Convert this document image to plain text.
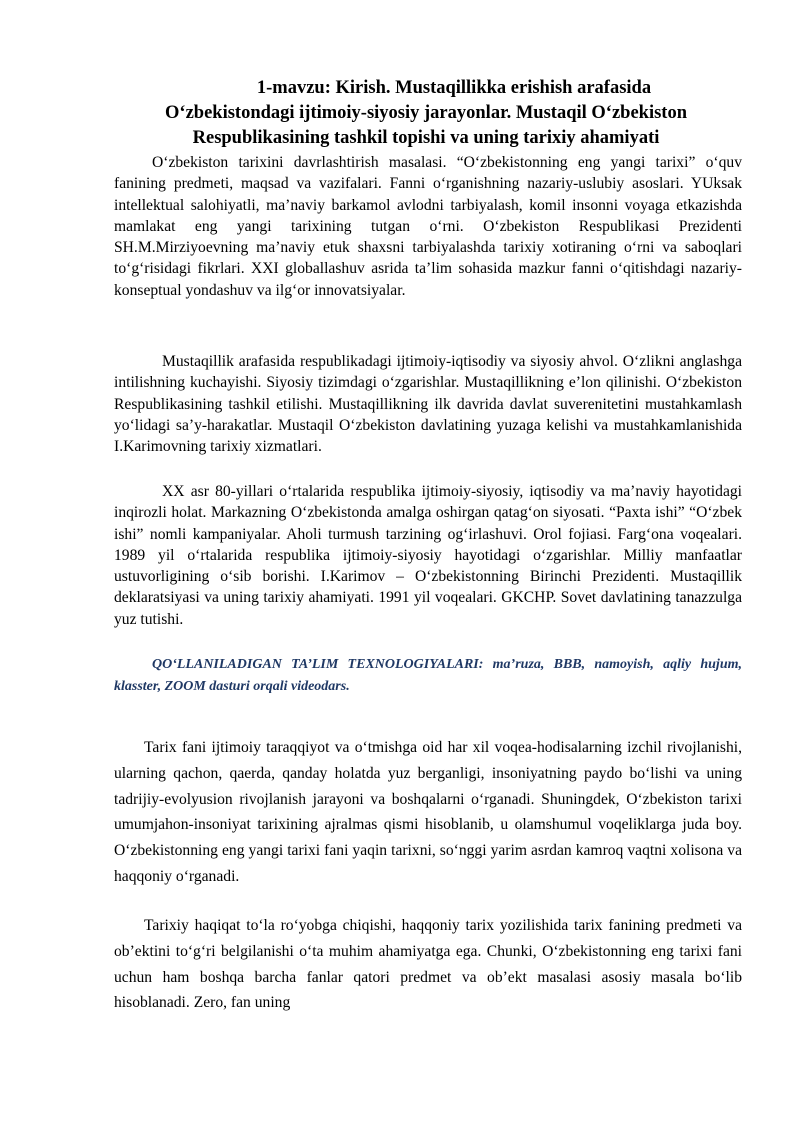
1-mavzu: Kirish. Mustaqillikka erishish arafasida
O‘zbekistondagi ijtimoiy-siyosiy jarayonlar. Mustaqil O‘zbekiston
Respublikasining tashkil topishi va uning tarixiy ahamiyati

O‘zbekiston tarixini davrlashtirish masalasi. “O‘zbekistonning eng yangi tarixi” o‘quv fanining predmeti, maqsad va vazifalari. Fanni o‘rganishning nazariy-uslubiy asoslari. YUksak intellektual salohiyatli, ma’naviy barkamol avlodni tarbiyalash, komil insonni voyaga etkazishda mamlakat eng yangi tarixining tutgan o‘rni. O‘zbekiston Respublikasi Prezidenti SH.M.Mirziyoevning ma’naviy etuk shaxsni tarbiyalashda tarixiy xotiraning o‘rni va saboqlari to‘g‘risidagi fikrlari. XXI globallashuv asrida ta’lim sohasida mazkur fanni o‘qitishdagi nazariy-konseptual yondashuv va ilg‘or innovatsiyalar.

Mustaqillik arafasida respublikadagi ijtimoiy-iqtisodiy va siyosiy ahvol. O‘zlikni anglashga intilishning kuchayishi. Siyosiy tizimdagi o‘zgarishlar. Mustaqillikning e’lon qilinishi. O‘zbekiston Respublikasining tashkil etilishi. Mustaqillikning ilk davrida davlat suverenitetini mustahkamlash yo‘lidagi sa’y-harakatlar. Mustaqil O‘zbekiston davlatining yuzaga kelishi va mustahkamlanishida I.Karimovning tarixiy xizmatlari.

XX asr 80-yillari o‘rtalarida respublika ijtimoiy-siyosiy, iqtisodiy va ma’naviy hayotidagi inqirozli holat. Markazning O‘zbekistonda amalga oshirgan qatag‘on siyosati. “Paxta ishi” “O‘zbek ishi” nomli kampaniyalar. Aholi turmush tarzining og‘irlashuvi. Orol fojiasi. Farg‘ona voqealari. 1989 yil o‘rtalarida respublika ijtimoiy-siyosiy hayotidagi o‘zgarishlar. Milliy manfaatlar ustuvorligining o‘sib borishi. I.Karimov – O‘zbekistonning Birinchi Prezidenti. Mustaqillik deklaratsiyasi va uning tarixiy ahamiyati. 1991 yil voqealari. GKCHP. Sovet davlatining tanazzulga yuz tutishi.

QO‘LLANILADIGAN TA’LIM TEXNOLOGIYALARI: ma’ruza, BBB, namoyish, aqliy hujum, klasster, ZOOM dasturi orqali videodars.

Tarix fani ijtimoiy taraqqiyot va o‘tmishga oid har xil voqea-hodisalarning izchil rivojlanishi, ularning qachon, qaerda, qanday holatda yuz berganligi, insoniyatning paydo bo‘lishi va uning tadrijiy-evolyusion rivojlanish jarayoni va boshqalarni o‘rganadi. Shuningdek, O‘zbekiston tarixi umumjahon-insoniyat tarixining ajralmas qismi hisoblanib, u olamshumul voqeliklarga juda boy. O‘zbekistonning eng yangi tarixi fani yaqin tarixni, so‘nggi yarim asrdan kamroq vaqtni xolisona va haqqoniy o‘rganadi.

Tarixiy haqiqat to‘la ro‘yobga chiqishi, haqqoniy tarix yozilishida tarix fanining predmeti va ob’ektini to‘g‘ri belgilanishi o‘ta muhim ahamiyatga ega. Chunki, O‘zbekistonning eng tarixi fani uchun ham boshqa barcha fanlar qatori predmet va ob’ekt masalasi asosiy masala bo‘lib hisoblanadi. Zero, fan uning
